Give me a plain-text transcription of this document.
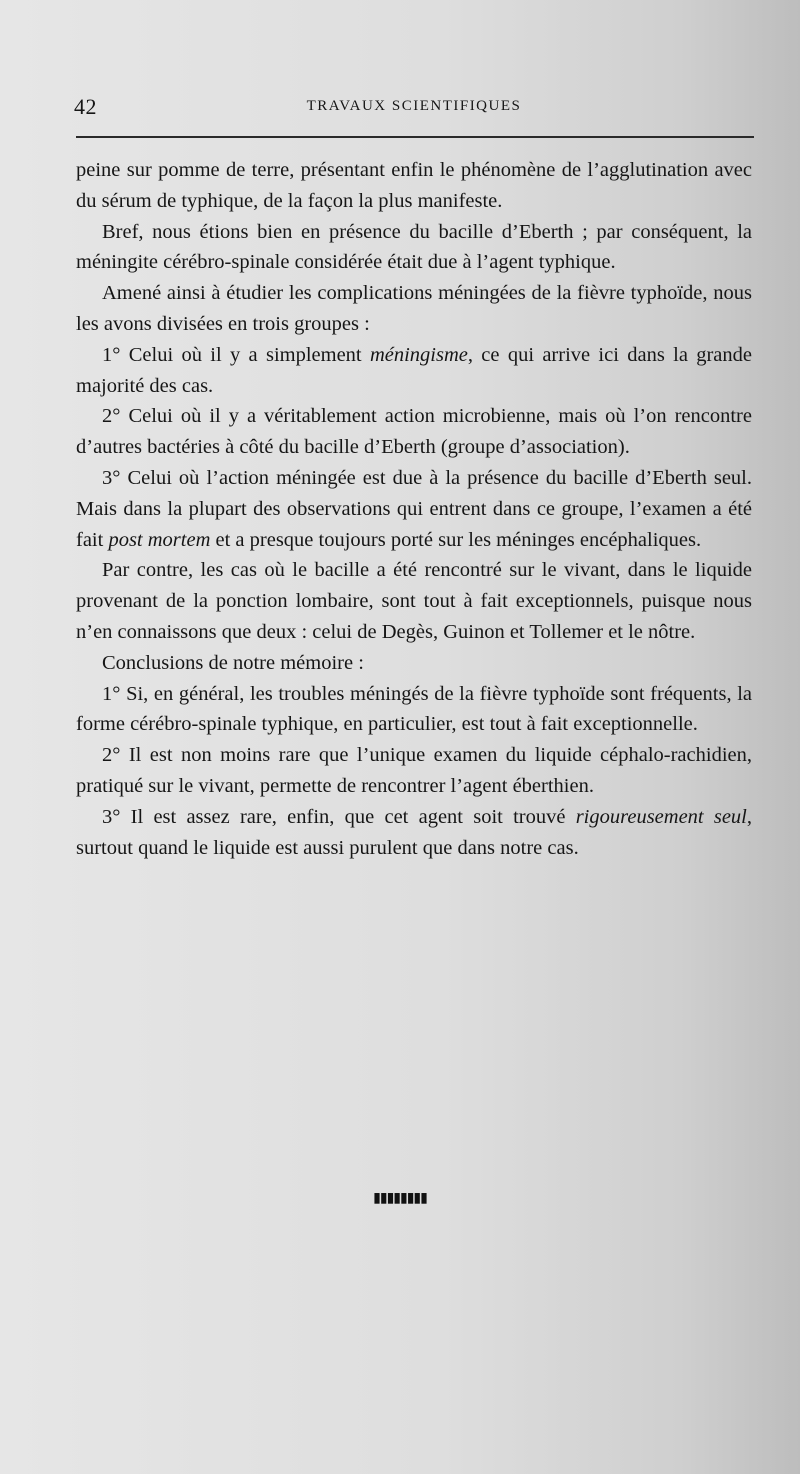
42	TRAVAUX SCIENTIFIQUES

peine sur pomme de terre, présentant enfin le phénomène de l’agglutination avec du sérum de typhique, de la façon la plus manifeste.

Bref, nous étions bien en présence du bacille d’Eberth ; par conséquent, la méningite cérébro-spinale considérée était due à l’agent typhique.

Amené ainsi à étudier les complications méningées de la fièvre typhoïde, nous les avons divisées en trois groupes :

1° Celui où il y a simplement méningisme, ce qui arrive ici dans la grande majorité des cas.

2° Celui où il y a véritablement action microbienne, mais où l’on rencontre d’autres bactéries à côté du bacille d’Eberth (groupe d’association).

3° Celui où l’action méningée est due à la présence du bacille d’Eberth seul. Mais dans la plupart des observations qui entrent dans ce groupe, l’examen a été fait post mortem et a presque toujours porté sur les méninges encéphaliques.

Par contre, les cas où le bacille a été rencontré sur le vivant, dans le liquide provenant de la ponction lombaire, sont tout à fait exceptionnels, puisque nous n’en connaissons que deux : celui de Degès, Guinon et Tollemer et le nôtre.

Conclusions de notre mémoire :

1° Si, en général, les troubles méningés de la fièvre typhoïde sont fréquents, la forme cérébro-spinale typhique, en particulier, est tout à fait exceptionnelle.

2° Il est non moins rare que l’unique examen du liquide céphalo-rachidien, pratiqué sur le vivant, permette de rencontrer l’agent éberthien.

3° Il est assez rare, enfin, que cet agent soit trouvé rigoureusement seul, surtout quand le liquide est aussi purulent que dans notre cas.

▮▮▮▮▮▮▮▮
